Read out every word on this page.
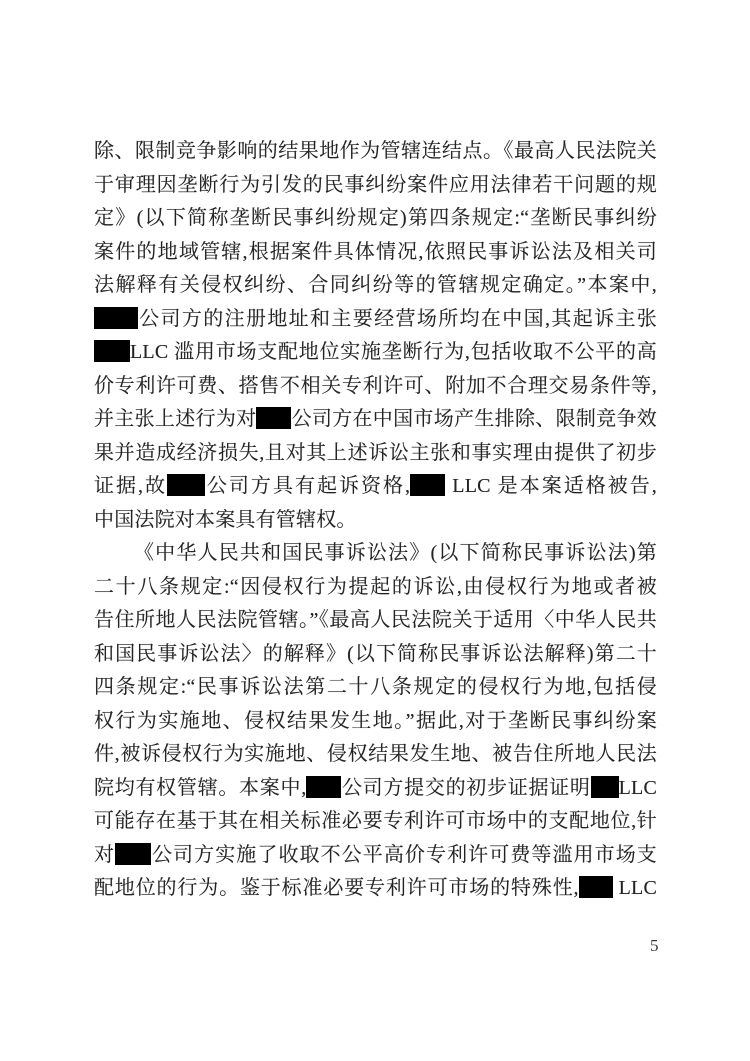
除、限制竞争影响的结果地作为管辖连结点。《最高人民法院关
于审理因垄断行为引发的民事纠纷案件应用法律若干问题的规
定》(以下简称垄断民事纠纷规定)第四条规定:“垄断民事纠纷
案件的地域管辖,根据案件具体情况,依照民事诉讼法及相关司
法解释有关侵权纠纷、合同纠纷等的管辖规定确定。”本案中,
公司方的注册地址和主要经营场所均在中国,其起诉主张
LLC 滥用市场支配地位实施垄断行为,包括收取不公平的高
价专利许可费、搭售不相关专利许可、附加不合理交易条件等,
并主张上述行为对 公司方在中国市场产生排除、限制竞争效
果并造成经济损失,且对其上述诉讼主张和事实理由提供了初步
证据,故 公司方具有起诉资格, LLC 是本案适格被告,
中国法院对本案具有管辖权。
《中华人民共和国民事诉讼法》(以下简称民事诉讼法)第
二十八条规定:“因侵权行为提起的诉讼,由侵权行为地或者被
告住所地人民法院管辖。”《最高人民法院关于适用〈中华人民共
和国民事诉讼法〉的解释》(以下简称民事诉讼法解释)第二十
四条规定:“民事诉讼法第二十八条规定的侵权行为地,包括侵
权行为实施地、侵权结果发生地。”据此,对于垄断民事纠纷案
件,被诉侵权行为实施地、侵权结果发生地、被告住所地人民法
院均有权管辖。本案中, 公司方提交的初步证据证明 LLC
可能存在基于其在相关标准必要专利许可市场中的支配地位,针
对 公司方实施了收取不公平高价专利许可费等滥用市场支
配地位的行为。鉴于标准必要专利许可市场的特殊性, LLC
5
